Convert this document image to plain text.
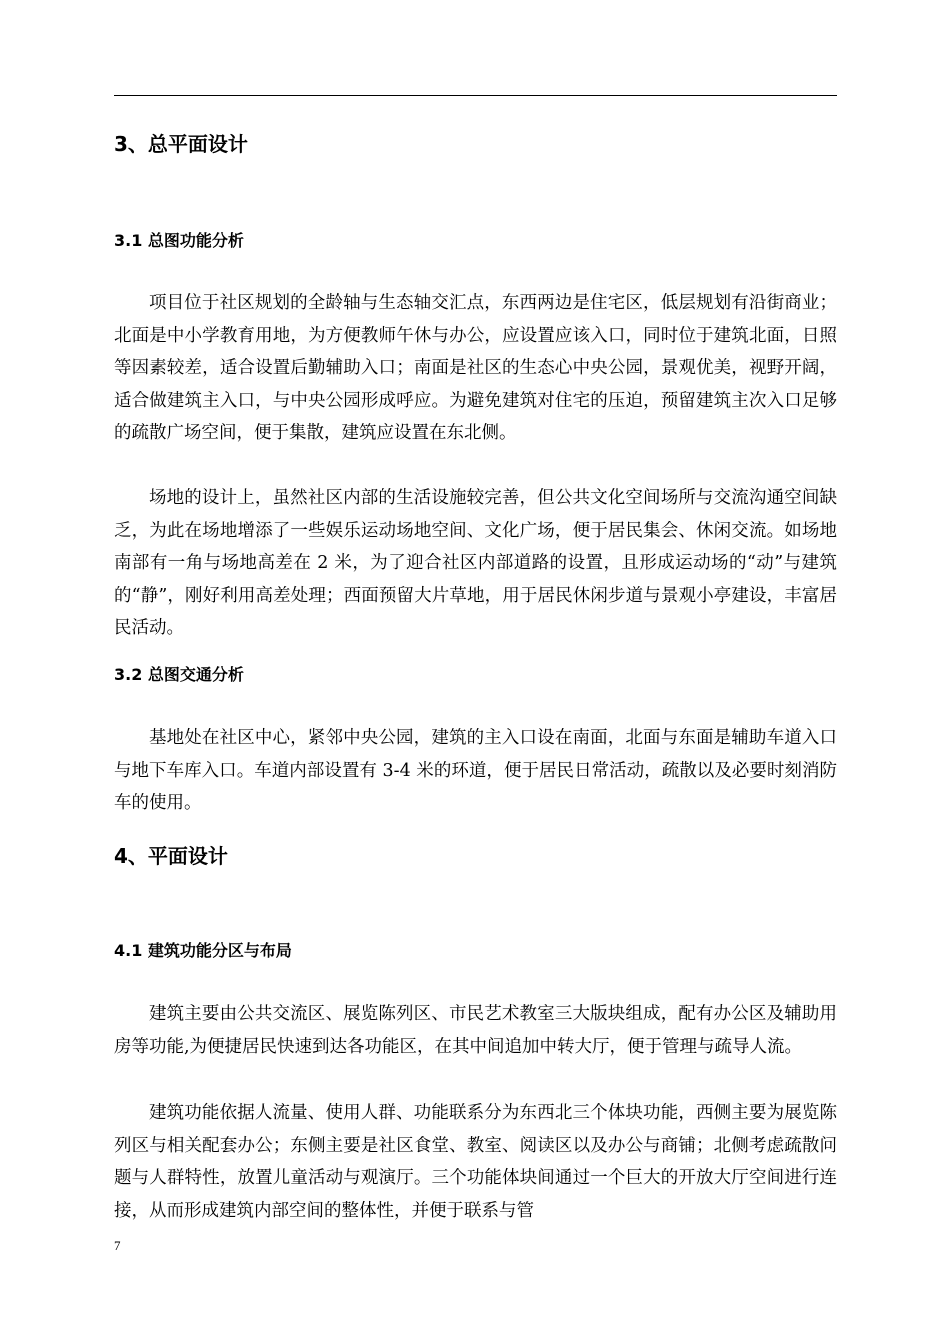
3、总平面设计
3.1 总图功能分析

项目位于社区规划的全龄轴与生态轴交汇点，东西两边是住宅区，低层规划有沿街商业；北面是中小学教育用地，为方便教师午休与办公，应设置应该入口，同时位于建筑北面，日照等因素较差，适合设置后勤辅助入口；南面是社区的生态心中央公园，景观优美，视野开阔，适合做建筑主入口，与中央公园形成呼应。为避免建筑对住宅的压迫，预留建筑主次入口足够的疏散广场空间，便于集散，建筑应设置在东北侧。

场地的设计上，虽然社区内部的生活设施较完善，但公共文化空间场所与交流沟通空间缺乏，为此在场地增添了一些娱乐运动场地空间、文化广场，便于居民集会、休闲交流。如场地南部有一角与场地高差在 2 米，为了迎合社区内部道路的设置，且形成运动场的“动”与建筑的“静”，刚好利用高差处理；西面预留大片草地，用于居民休闲步道与景观小亭建设，丰富居民活动。

3.2 总图交通分析

基地处在社区中心，紧邻中央公园，建筑的主入口设在南面，北面与东面是辅助车道入口与地下车库入口。车道内部设置有 3-4 米的环道，便于居民日常活动，疏散以及必要时刻消防车的使用。

4、平面设计
4.1 建筑功能分区与布局

建筑主要由公共交流区、展览陈列区、市民艺术教室三大版块组成，配有办公区及辅助用房等功能,为便捷居民快速到达各功能区，在其中间追加中转大厅，便于管理与疏导人流。

建筑功能依据人流量、使用人群、功能联系分为东西北三个体块功能，西侧主要为展览陈列区与相关配套办公；东侧主要是社区食堂、教室、阅读区以及办公与商铺；北侧考虑疏散问题与人群特性，放置儿童活动与观演厅。三个功能体块间通过一个巨大的开放大厅空间进行连接，从而形成建筑内部空间的整体性，并便于联系与管

7
